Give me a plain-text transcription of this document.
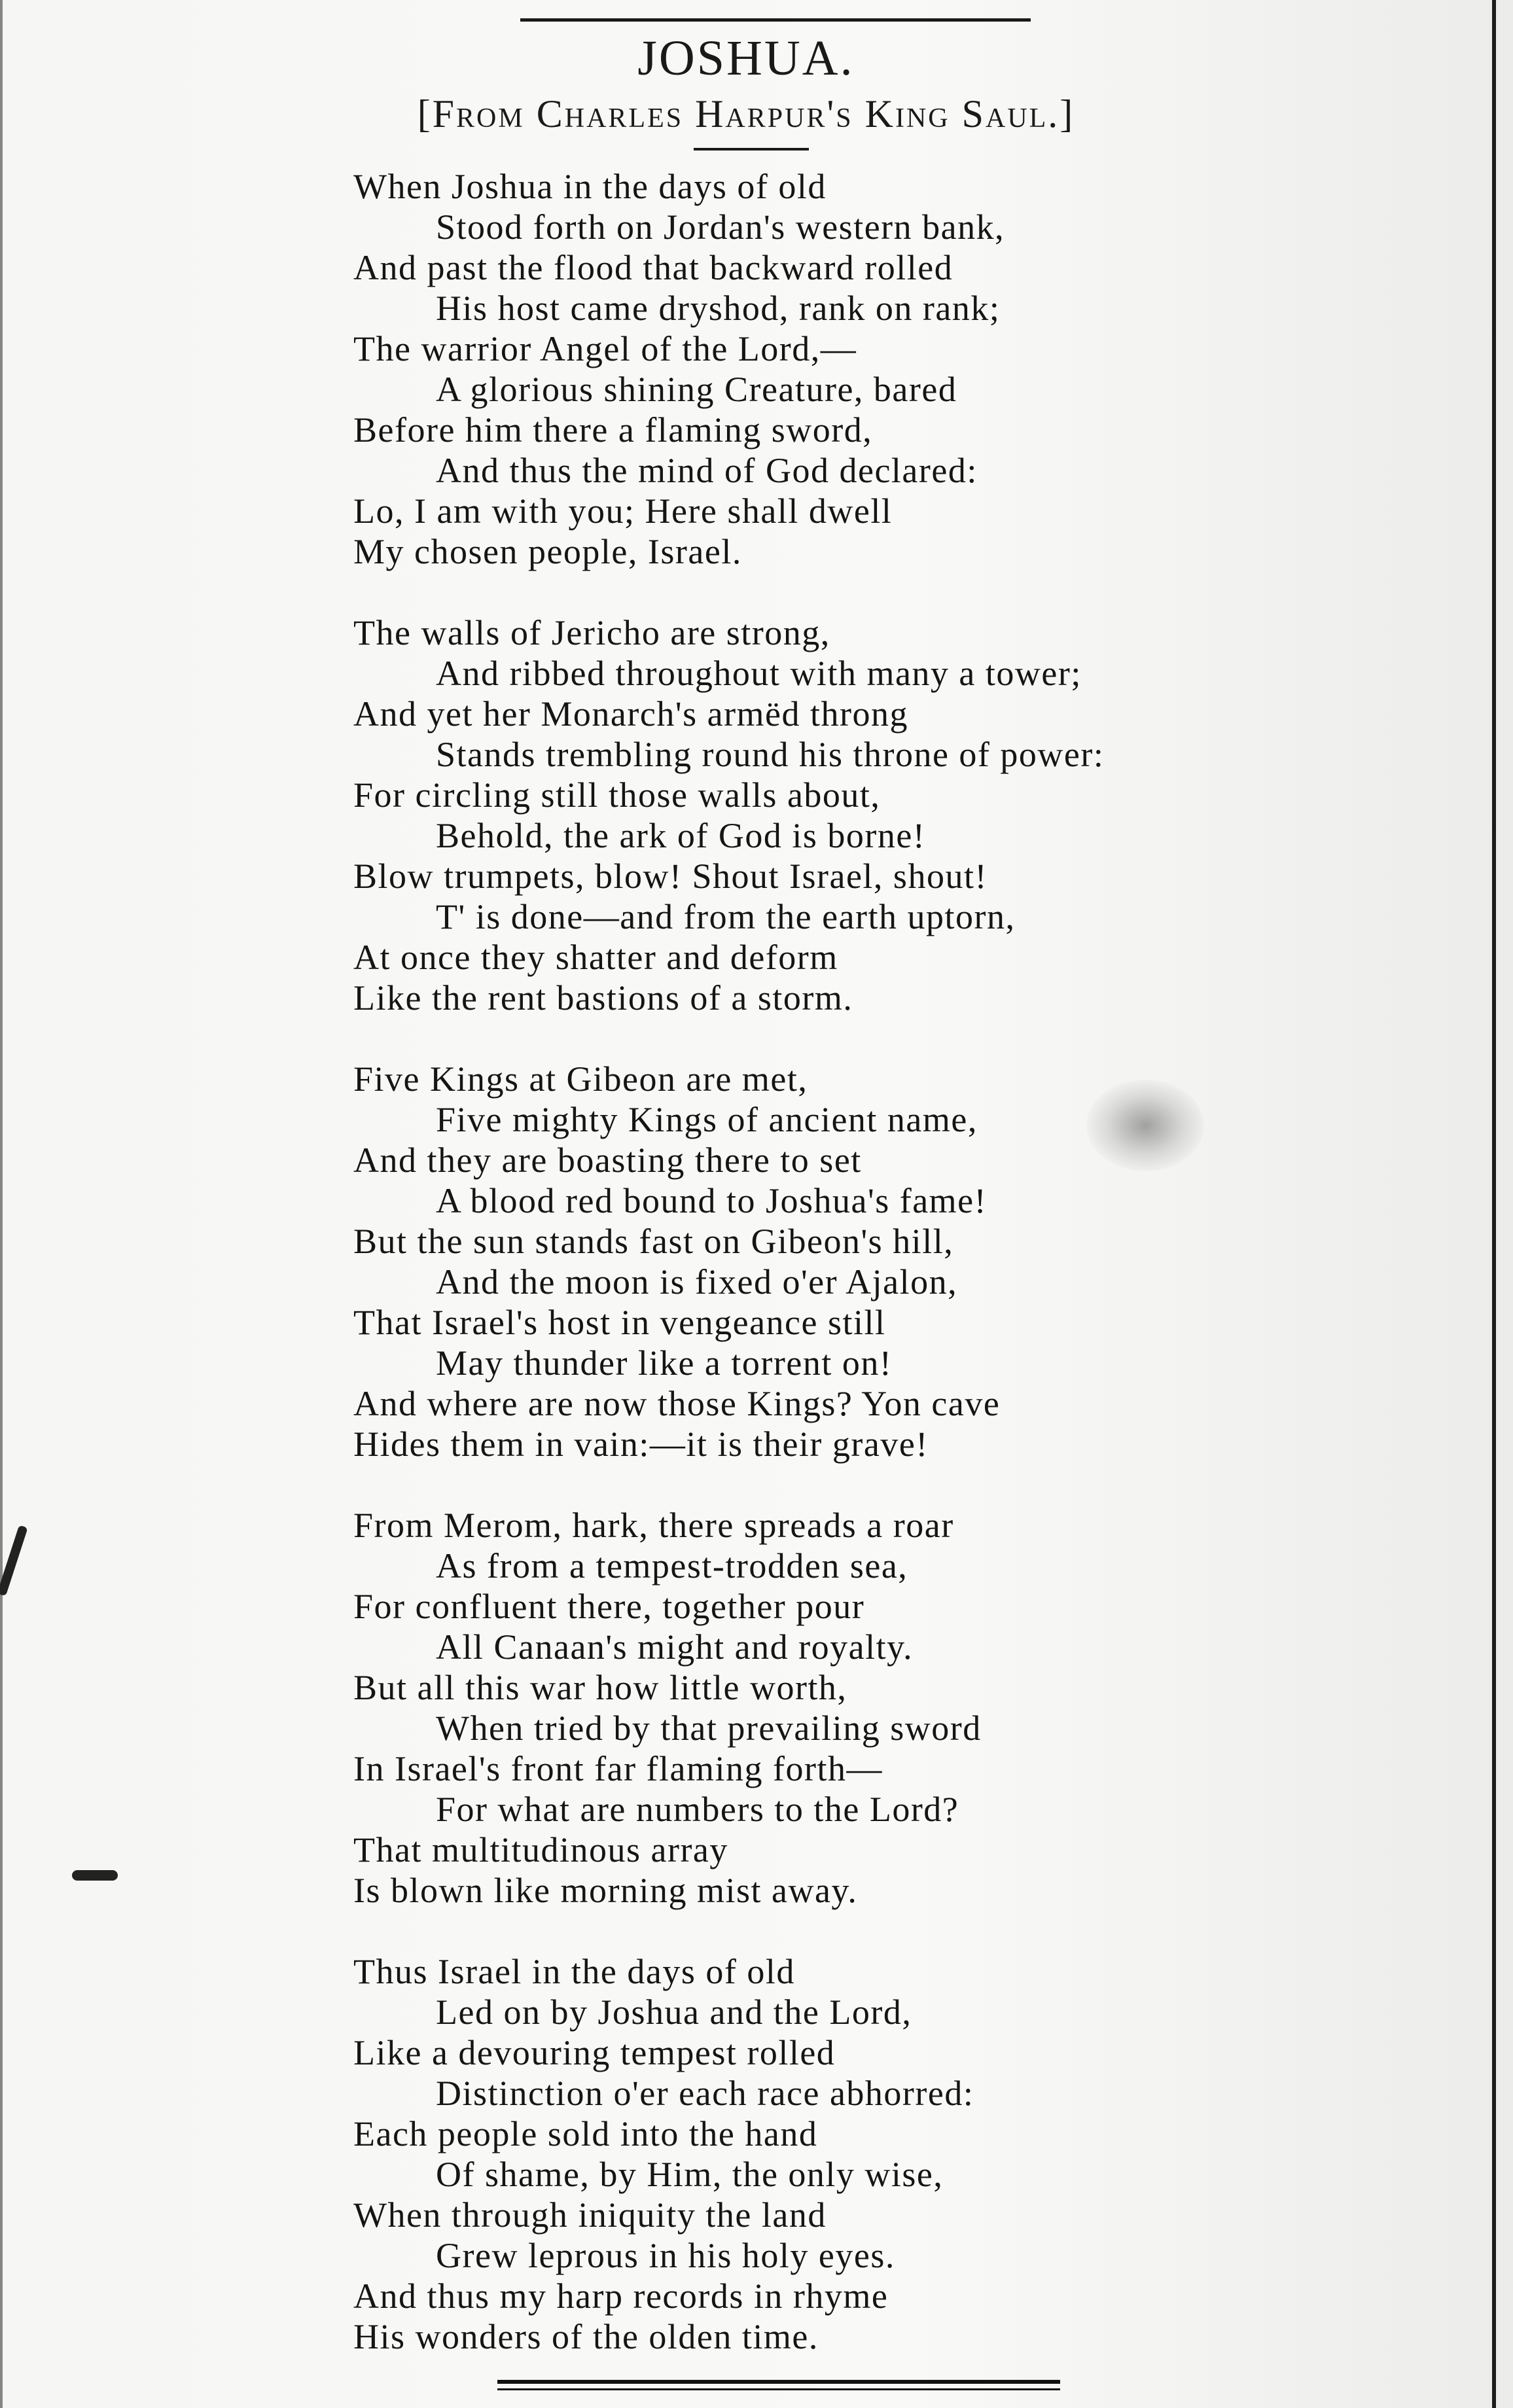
JOSHUA.
[From Charles Harpur's King Saul.]
When Joshua in the days of old
Stood forth on Jordan's western bank,
And past the flood that backward rolled
His host came dryshod, rank on rank;
The warrior Angel of the Lord,—
A glorious shining Creature, bared
Before him there a flaming sword,
And thus the mind of God declared:
Lo, I am with you; Here shall dwell
My chosen people, Israel.
The walls of Jericho are strong,
And ribbed throughout with many a tower;
And yet her Monarch's armëd throng
Stands trembling round his throne of power:
For circling still those walls about,
Behold, the ark of God is borne!
Blow trumpets, blow! Shout Israel, shout!
T' is done—and from the earth uptorn,
At once they shatter and deform
Like the rent bastions of a storm.
Five Kings at Gibeon are met,
Five mighty Kings of ancient name,
And they are boasting there to set
A blood red bound to Joshua's fame!
But the sun stands fast on Gibeon's hill,
And the moon is fixed o'er Ajalon,
That Israel's host in vengeance still
May thunder like a torrent on!
And where are now those Kings? Yon cave
Hides them in vain:—it is their grave!
From Merom, hark, there spreads a roar
As from a tempest-trodden sea,
For confluent there, together pour
All Canaan's might and royalty.
But all this war how little worth,
When tried by that prevailing sword
In Israel's front far flaming forth—
For what are numbers to the Lord?
That multitudinous array
Is blown like morning mist away.
Thus Israel in the days of old
Led on by Joshua and the Lord,
Like a devouring tempest rolled
Distinction o'er each race abhorred:
Each people sold into the hand
Of shame, by Him, the only wise,
When through iniquity the land
Grew leprous in his holy eyes.
And thus my harp records in rhyme
His wonders of the olden time.
